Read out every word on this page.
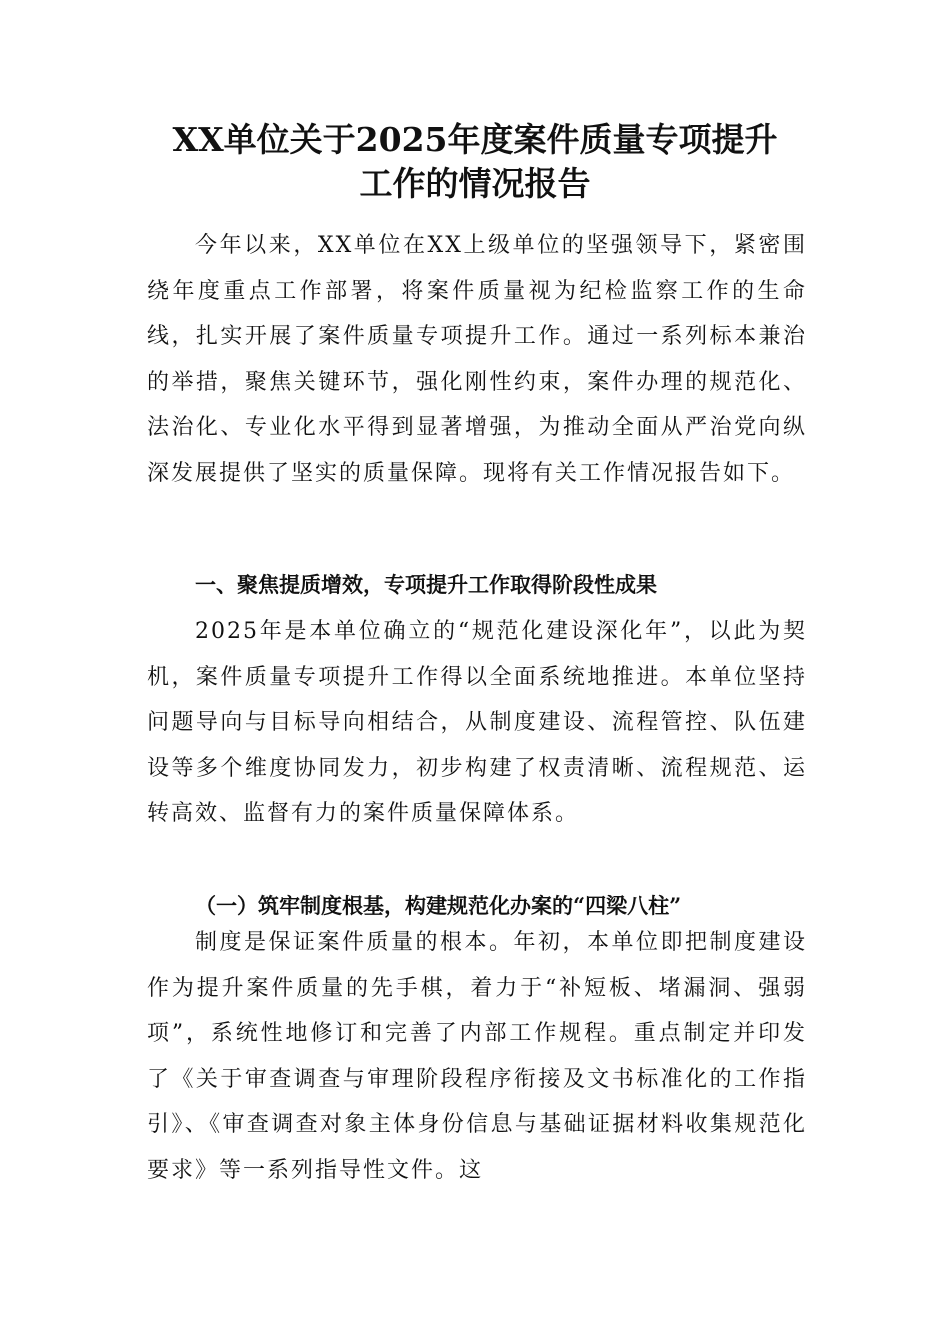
XX单位关于2025年度案件质量专项提升
工作的情况报告

今年以来，XX单位在XX上级单位的坚强领导下，紧密围绕年度重点工作部署，将案件质量视为纪检监察工作的生命线，扎实开展了案件质量专项提升工作。通过一系列标本兼治的举措，聚焦关键环节，强化刚性约束，案件办理的规范化、法治化、专业化水平得到显著增强，为推动全面从严治党向纵深发展提供了坚实的质量保障。现将有关工作情况报告如下。

一、聚焦提质增效，专项提升工作取得阶段性成果

2025年是本单位确立的“规范化建设深化年”，以此为契机，案件质量专项提升工作得以全面系统地推进。本单位坚持问题导向与目标导向相结合，从制度建设、流程管控、队伍建设等多个维度协同发力，初步构建了权责清晰、流程规范、运转高效、监督有力的案件质量保障体系。

（一）筑牢制度根基，构建规范化办案的“四梁八柱”

制度是保证案件质量的根本。年初，本单位即把制度建设作为提升案件质量的先手棋，着力于“补短板、堵漏洞、强弱项”，系统性地修订和完善了内部工作规程。重点制定并印发了《关于审查调查与审理阶段程序衔接及文书标准化的工作指引》、《审查调查对象主体身份信息与基础证据材料收集规范化要求》等一系列指导性文件。这
